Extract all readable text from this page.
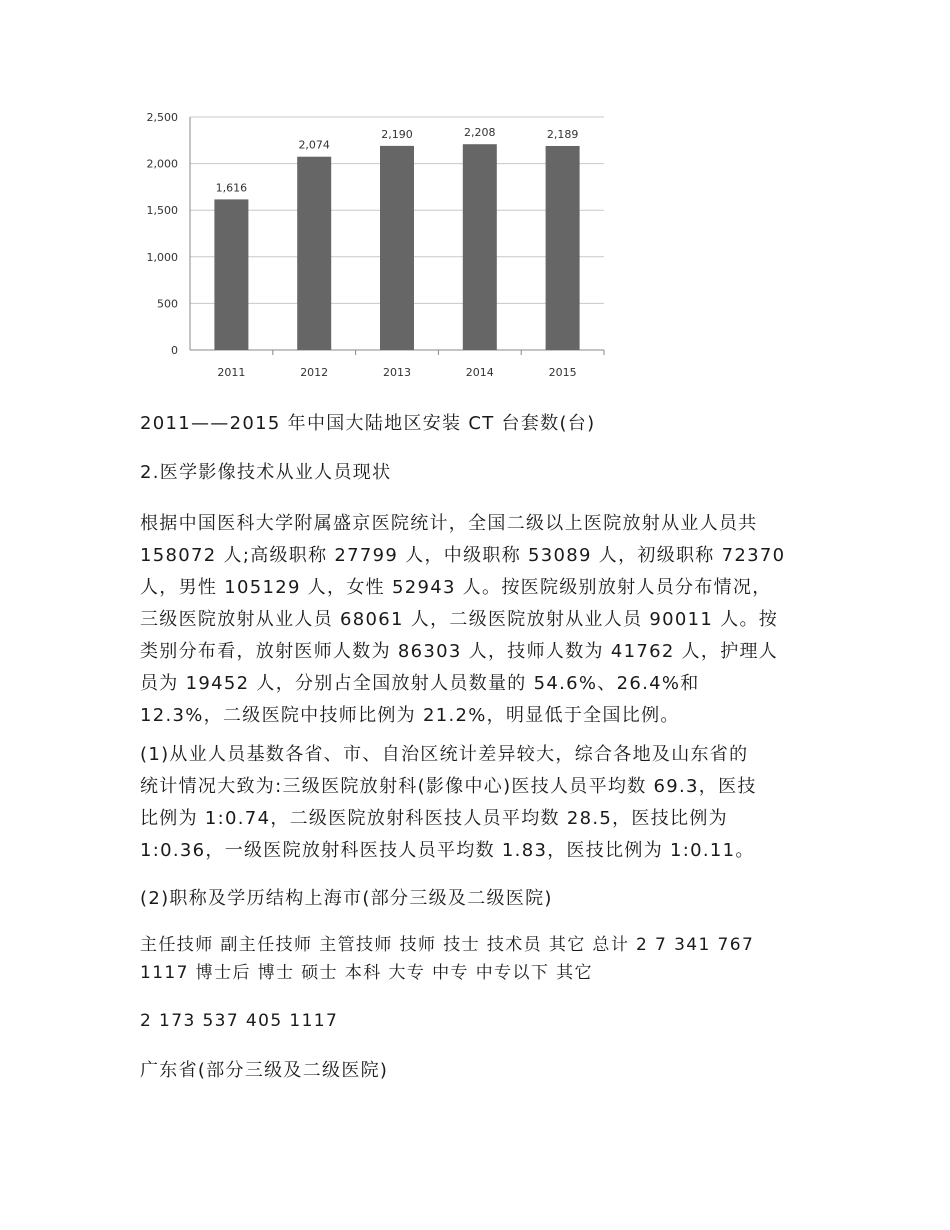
0
500
1,000
1,500
2,000
2,500
1,616
2011
2,074
2012
2,190
2013
2,208
2014
2,189
2015

2011——2015 年中国大陆地区安装 CT 台套数(台)

2.医学影像技术从业人员现状

根据中国医科大学附属盛京医院统计，全国二级以上医院放射从业人员共
158072 人;高级职称 27799 人，中级职称 53089 人，初级职称 72370
人，男性 105129 人，女性 52943 人。按医院级别放射人员分布情况，
三级医院放射从业人员 68061 人，二级医院放射从业人员 90011 人。按
类别分布看，放射医师人数为 86303 人，技师人数为 41762 人，护理人
员为 19452 人，分别占全国放射人员数量的 54.6%、26.4%和
12.3%，二级医院中技师比例为 21.2%，明显低于全国比例。
(1)从业人员基数各省、市、自治区统计差异较大，综合各地及山东省的
统计情况大致为:三级医院放射科(影像中心)医技人员平均数 69.3，医技
比例为 1:0.74，二级医院放射科医技人员平均数 28.5，医技比例为
1:0.36，一级医院放射科医技人员平均数 1.83，医技比例为 1:0.11。

(2)职称及学历结构上海市(部分三级及二级医院)

主任技师 副主任技师 主管技师 技师 技士 技术员 其它 总计 2 7 341 767
1117 博士后 博士 硕士 本科 大专 中专 中专以下 其它

2 173 537 405 1117

广东省(部分三级及二级医院)
